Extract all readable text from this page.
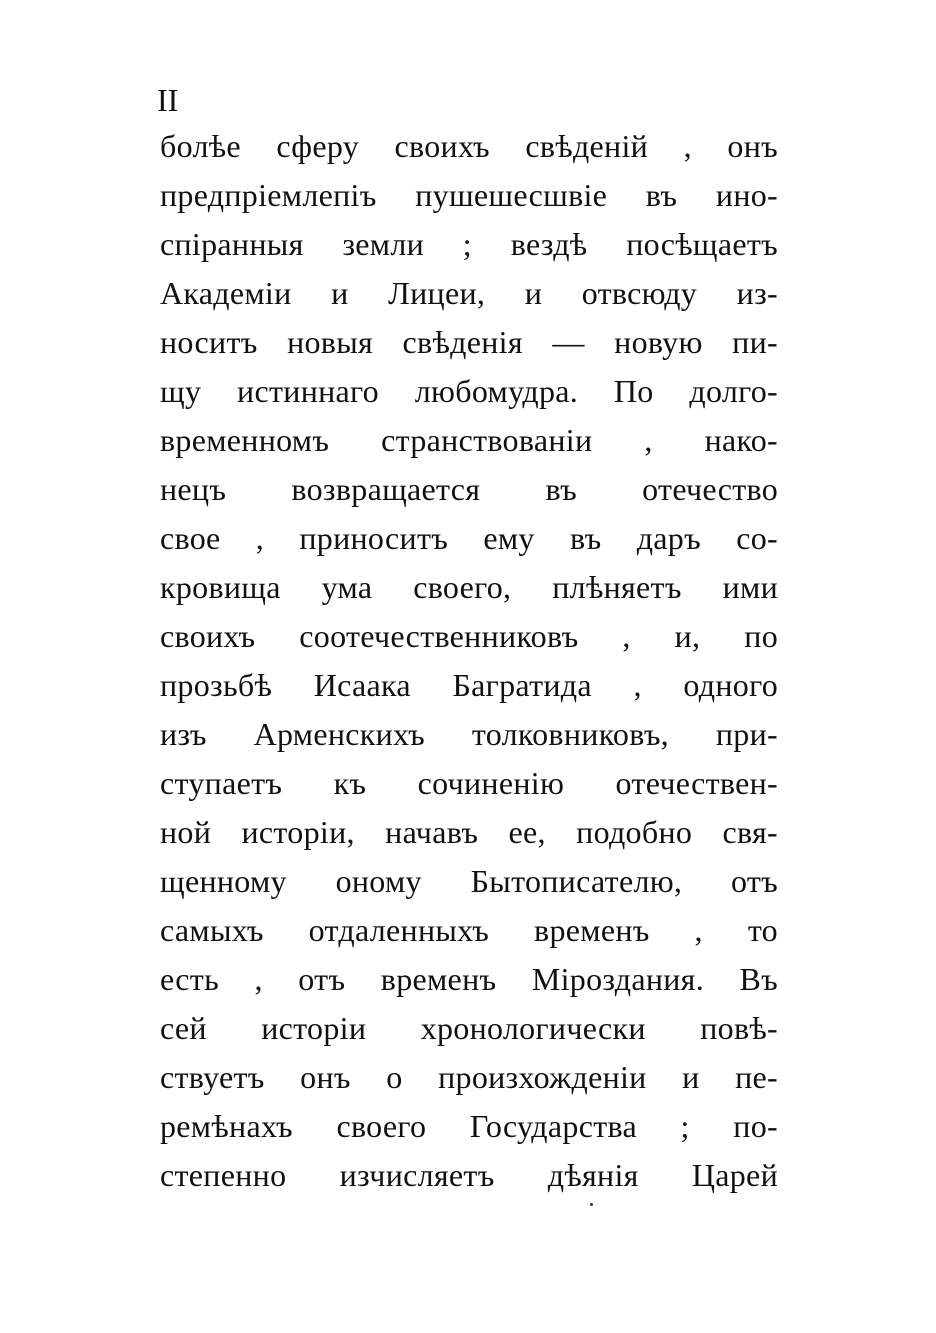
II
болѣе сферу своихъ свѣденій , онъ
предпріемлепіъ пушешесшвіе въ ино-
спіранныя земли ; вездѣ посѣщаетъ
Академіи и Лицеи, и отвсюду из-
носитъ новыя свѣденія — новую пи-
щу истиннаго любомудра. По долго-
временномъ странствованіи , нако-
нецъ возвращается въ отечество
своe , приноситъ ему въ даръ со-
кровища ума своего, плѣняетъ ими
своихъ соотечественниковъ , и, по
прозьбѣ Исаака Багратида , одного
изъ Арменскихъ толковниковъ, при-
ступаетъ къ сочиненію отечествен-
ной исторіи, начавъ ее, подобно свя-
щенному оному Бытописателю, отъ
самыхъ отдаленныхъ временъ , то
есть , отъ временъ Міроздания. Въ
сей исторіи хронологически повѣ-
ствуетъ онъ о произхожденіи и пе-
ремѣнахъ своего Государства ; по-
степенно изчисляетъ дѣянія Царей
